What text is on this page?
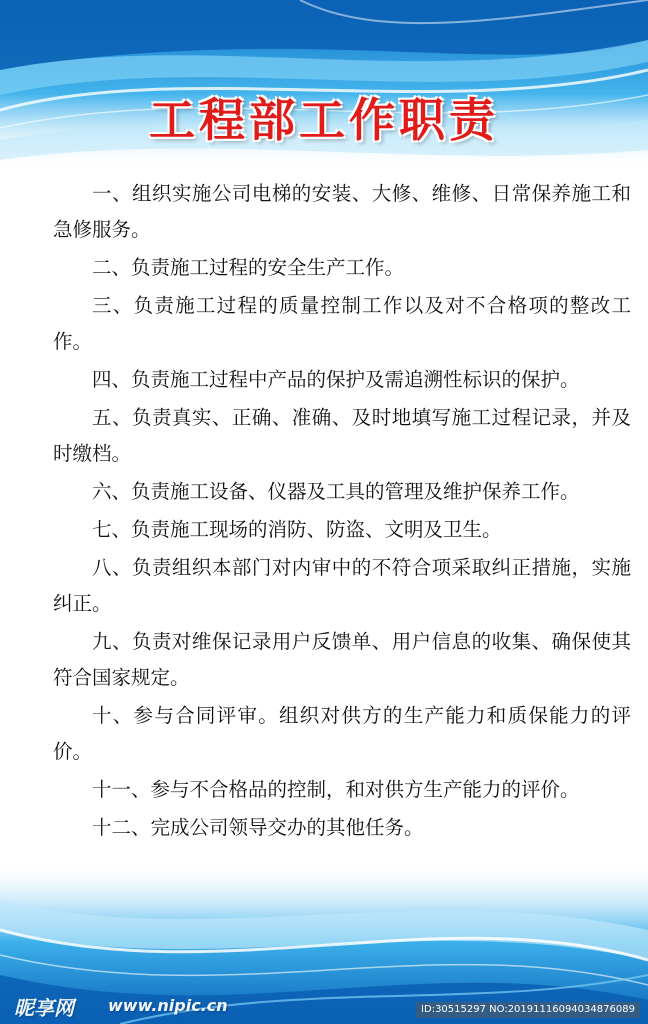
工程部工作职责

一、组织实施公司电梯的安装、大修、维修、日常保养施工和急修服务。

二、负责施工过程的安全生产工作。

三、负责施工过程的质量控制工作以及对不合格项的整改工作。

四、负责施工过程中产品的保护及需追溯性标识的保护。

五、负责真实、正确、准确、及时地填写施工过程记录，并及时缴档。

六、负责施工设备、仪器及工具的管理及维护保养工作。

七、负责施工现场的消防、防盗、文明及卫生。

八、负责组织本部门对内审中的不符合项采取纠正措施，实施纠正。

九、负责对维保记录用户反馈单、用户信息的收集、确保使其符合国家规定。

十、参与合同评审。组织对供方的生产能力和质保能力的评价。

十一、参与不合格品的控制，和对供方生产能力的评价。

十二、完成公司领导交办的其他任务。

昵享网 www.nipic.cn	ID:30515297 NO:20191116094034876089
